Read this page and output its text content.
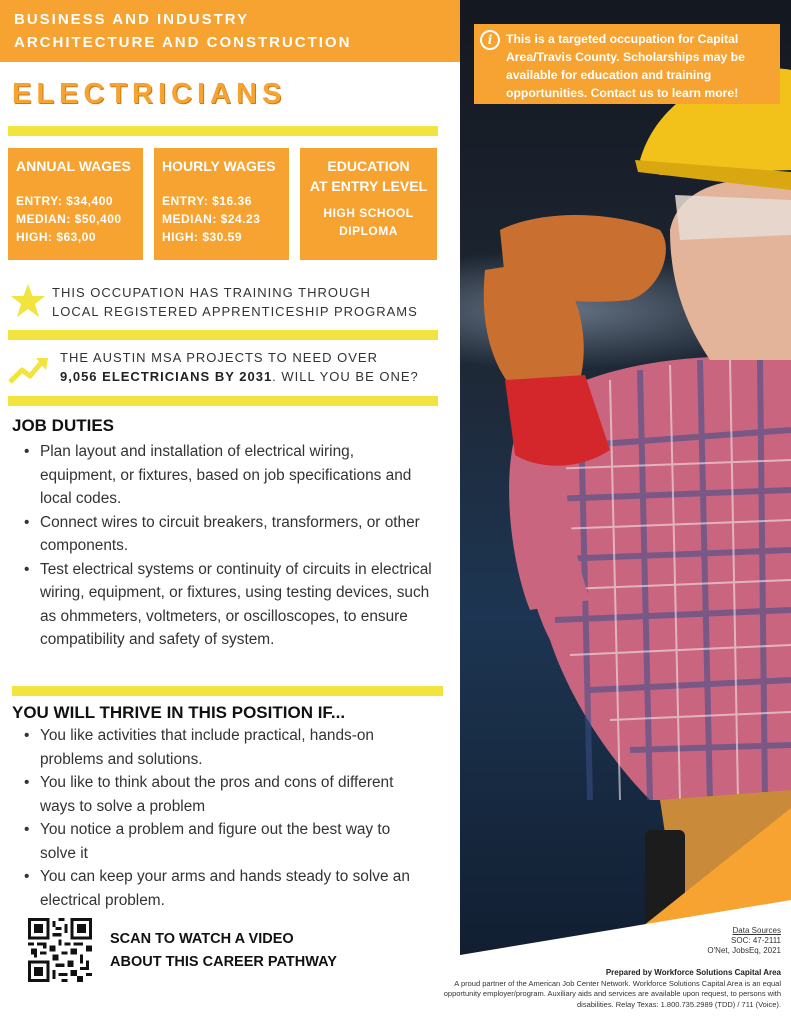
BUSINESS AND INDUSTRY
ARCHITECTURE AND CONSTRUCTION	i	This is a targeted occupation for Capital Area/Travis County. Scholarships may be available for education and training opportunities. Contact us to learn more!
ELECTRICIANS
ANNUAL WAGES
ENTRY: $34,400
MEDIAN: $50,400
HIGH: $63,00
HOURLY WAGES
ENTRY: $16.36
MEDIAN: $24.23
HIGH: $30.59
EDUCATION
AT ENTRY LEVEL
HIGH SCHOOL
DIPLOMA
THIS OCCUPATION HAS TRAINING THROUGH
LOCAL REGISTERED APPRENTICESHIP PROGRAMS
THE AUSTIN MSA PROJECTS TO NEED OVER
9,056 ELECTRICIANS BY 2031. WILL YOU BE ONE?
JOB DUTIES
• Plan layout and installation of electrical wiring, equipment, or fixtures, based on job specifications and local codes.
• Connect wires to circuit breakers, transformers, or other components.
• Test electrical systems or continuity of circuits in electrical wiring, equipment, or fixtures, using testing devices, such as ohmmeters, voltmeters, or oscilloscopes, to ensure compatibility and safety of system.
YOU WILL THRIVE IN THIS POSITION IF...
• You like activities that include practical, hands-on problems and solutions.
• You like to think about the pros and cons of different ways to solve a problem
• You notice a problem and figure out the best way to solve it
• You can keep your arms and hands steady to solve an electrical problem.
SCAN TO WATCH A VIDEO
ABOUT THIS CAREER PATHWAY
Data Sources
SOC: 47-2111
O'Net, JobsEq, 2021
Prepared by Workforce Solutions Capital Area
A proud partner of the American Job Center Network. Workforce Solutions Capital Area is an equal opportunity employer/program. Auxiliary aids and services are available upon request, to persons with disabilities. Relay Texas: 1.800.735.2989 (TDD) / 711 (Voice).
